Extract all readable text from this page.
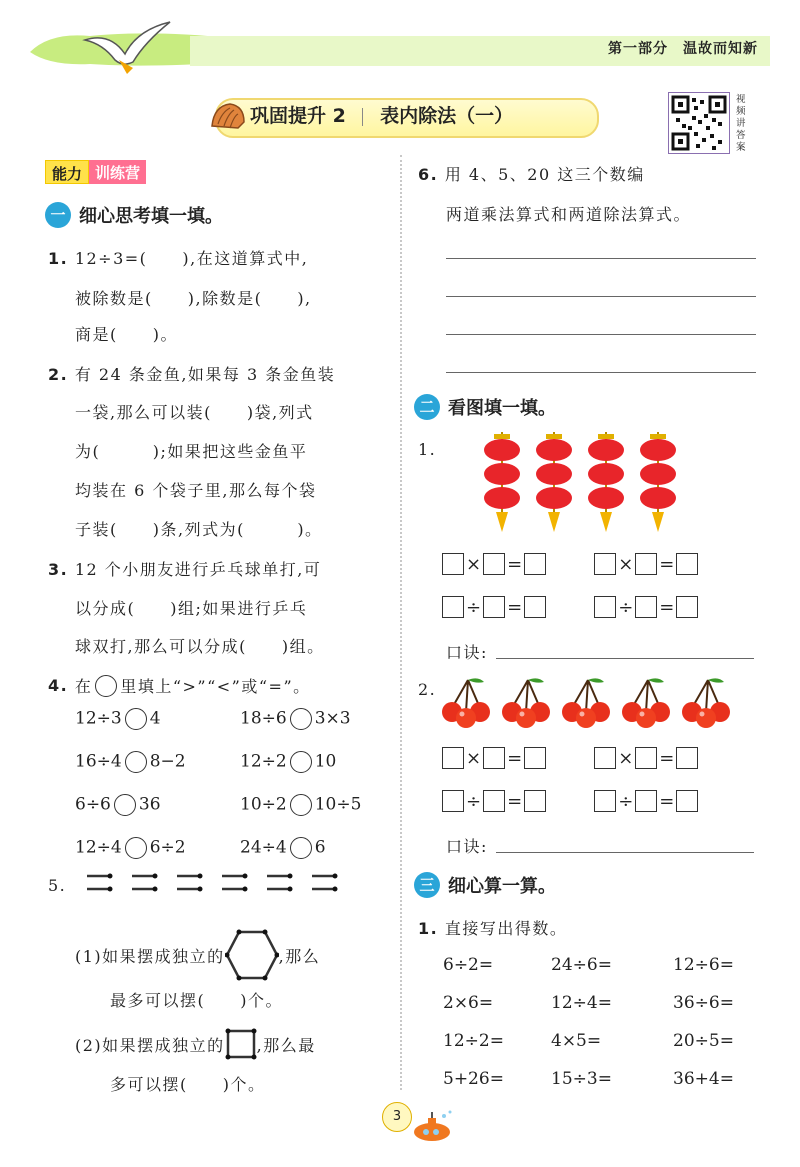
第一部分　温故而知新
巩固提升 2 表内除法（一）
视频讲答案
能力 训练营
一 细心思考填一填。
1. 12÷3=(　　),在这道算式中,
被除数是(　　),除数是(　　),
商是(　　)。
2. 有 24 条金鱼,如果每 3 条金鱼装
一袋,那么可以装(　　)袋,列式
为(　　　);如果把这些金鱼平
均装在 6 个袋子里,那么每个袋
子装(　　)条,列式为(　　　)。
3. 12 个小朋友进行乒乓球单打,可
以分成(　　)组;如果进行乒乓
球双打,那么可以分成(　　)组。
4.
在 里填上“>”“<”或“=”。
12÷3 4	18÷6 3×3
16÷4 8−2	12÷2 10
6÷6 36	10÷2 10÷5
12÷4 6÷2	24÷4 6
5.
(1)如果摆成独立的	,那么
最多可以摆(　　)个。
(2)如果摆成独立的 ,那么最
多可以摆(　　)个。
6. 用 4、5、20 这三个数编
两道乘法算式和两道除法算式。
二 看图填一填。
1.
× =	× =
÷ =	÷ =
口诀:
2.
× =	× =
÷ =	÷ =
口诀:
三 细心算一算。
1. 直接写出得数。
6÷2=	24÷6=	12÷6=
2×6=	12÷4=	36÷6=
12÷2=	4×5=	20÷5=
5+26=	15÷3=	36+4=
3
